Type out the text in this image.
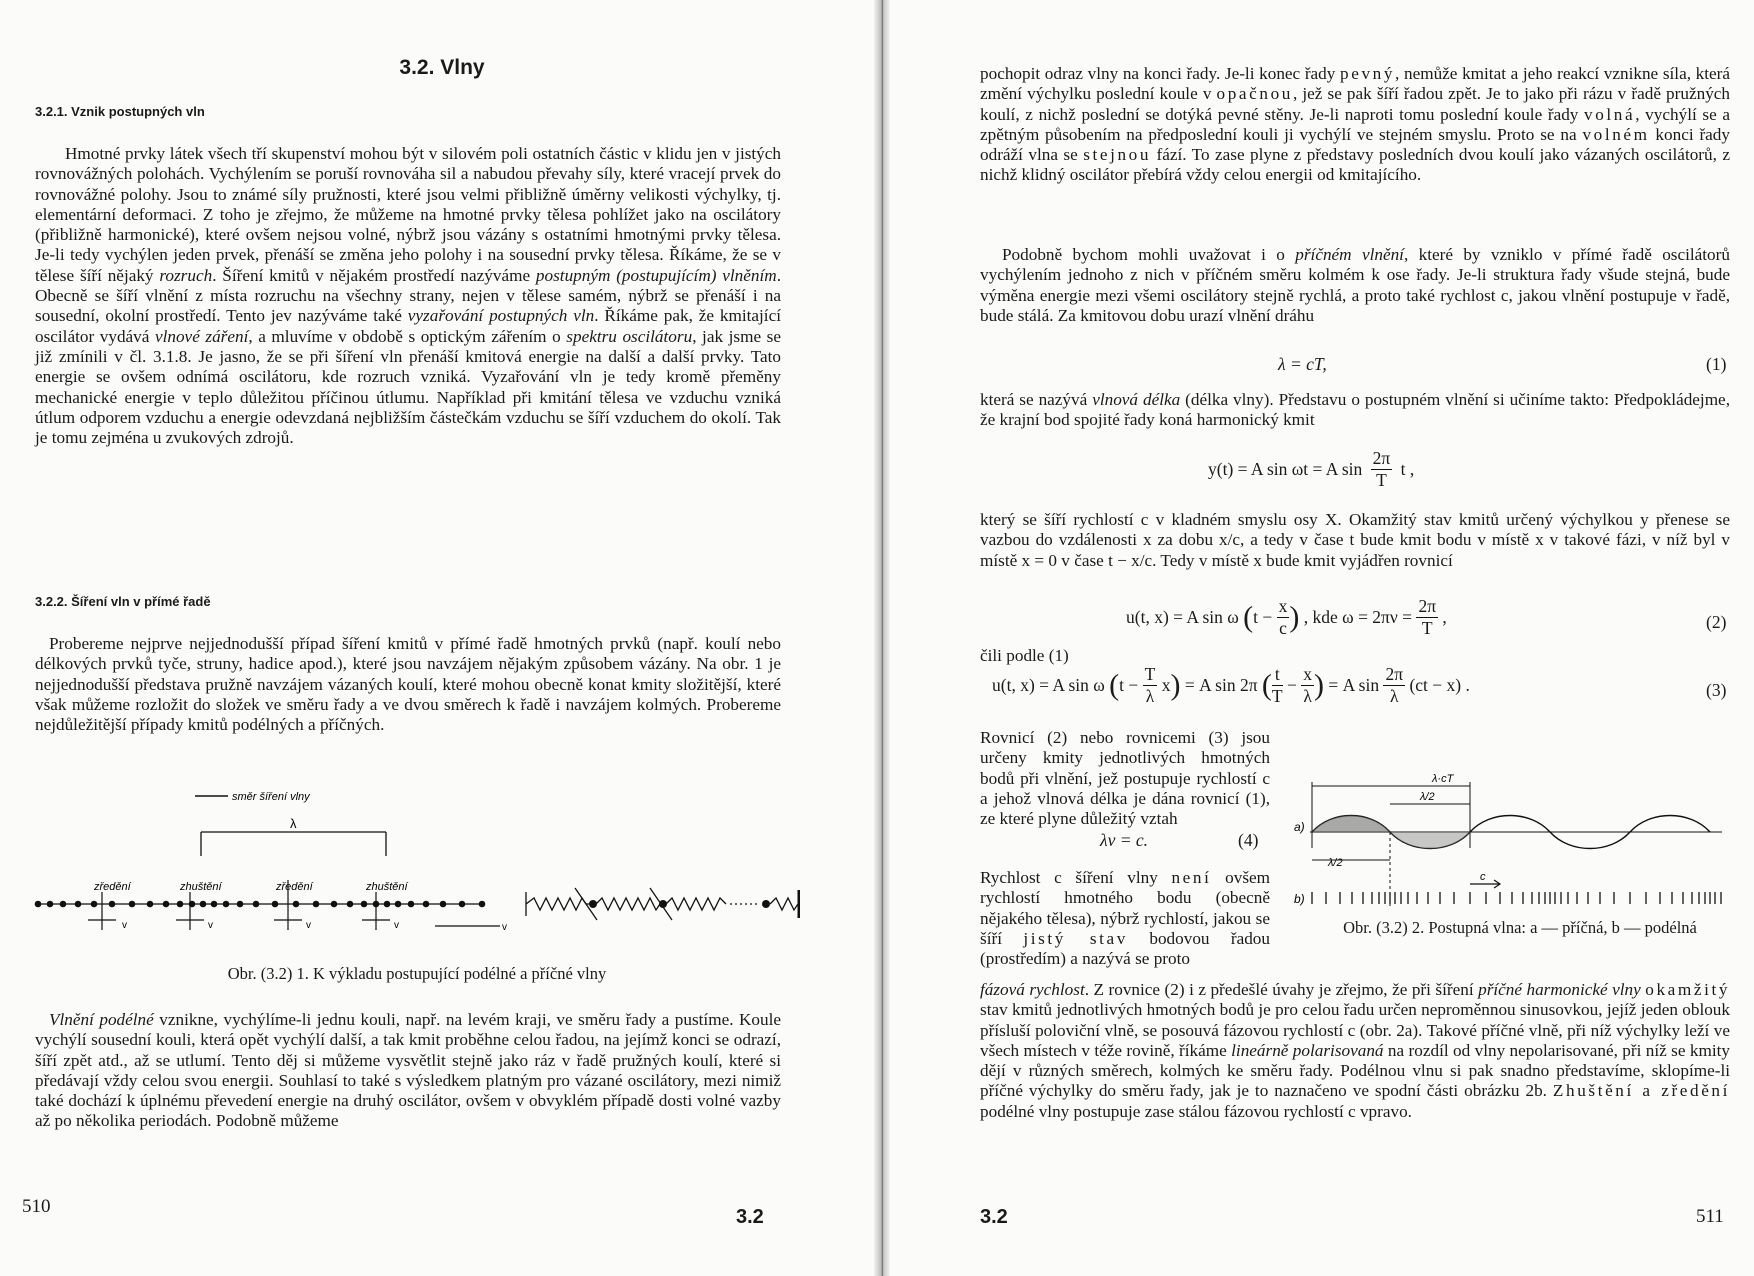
3.2. Vlny
3.2.1. Vznik postupných vln

Hmotné prvky látek všech tří skupenství mohou být v silovém poli ostatních částic v klidu jen v jistých rovnovážných polohách. Vychýlením se poruší rovnováha sil a nabudou převahy síly, které vracejí prvek do rovnovážné polohy. Jsou to známé síly pružnosti, které jsou velmi přibližně úměrny velikosti výchylky, tj. elementární deformaci. Z toho je zřejmo, že můžeme na hmotné prvky tělesa pohlížet jako na oscilátory (přibližně harmonické), které ovšem nejsou volné, nýbrž jsou vázány s ostatními hmotnými prvky tělesa. Je-li tedy vychýlen jeden prvek, přenáší se změna jeho polohy i na sousední prvky tělesa. Říkáme, že se v tělese šíří nějaký rozruch. Šíření kmitů v nějakém prostředí nazýváme postupným (postupujícím) vlněním. Obecně se šíří vlnění z místa rozruchu na všechny strany, nejen v tělese samém, nýbrž se přenáší i na sousední, okolní prostředí. Tento jev nazýváme také vyzařování postupných vln. Říkáme pak, že kmitající oscilátor vydává vlnové záření, a mluvíme v obdobě s optickým zářením o spektru oscilátoru, jak jsme se již zmínili v čl. 3.1.8. Je jasno, že se při šíření vln přenáší kmitová energie na další a další prvky. Tato energie se ovšem odnímá oscilátoru, kde rozruch vzniká. Vyzařování vln je tedy kromě přeměny mechanické energie v teplo důležitou příčinou útlumu. Například při kmitání tělesa ve vzduchu vzniká útlum odporem vzduchu a energie odevzdaná nejbližším částečkám vzduchu se šíří vzduchem do okolí. Tak je tomu zejména u zvukových zdrojů.

3.2.2. Šíření vln v přímé řadě

Probereme nejprve nejjednodušší případ šíření kmitů v přímé řadě hmotných prvků (např. koulí nebo délkových prvků tyče, struny, hadice apod.), které jsou navzájem nějakým způsobem vázány. Na obr. 1 je nejjednodušší představa pružně navzájem vázaných koulí, které mohou obecně konat kmity složitější, které však můžeme rozložit do složek ve směru řady a ve dvou směrech k řadě i navzájem kolmých. Probereme nejdůležitější případy kmitů podélných a příčných.

směr šíření vlny
λ
zředění	zhuštění	zředění	zhuštění
v	v	v	v	v
Obr. (3.2) 1. K výkladu postupující podélné a příčné vlny

Vlnění podélné vznikne, vychýlíme-li jednu kouli, např. na levém kraji, ve směru řady a pustíme. Koule vychýlí sousední kouli, která opět vychýlí další, a tak kmit proběhne celou řadou, na jejímž konci se odrazí, šíří zpět atd., až se utlumí. Tento děj si můžeme vysvětlit stejně jako ráz v řadě pružných koulí, které si předávají vždy celou svou energii. Souhlasí to také s výsledkem platným pro vázané oscilátory, mezi nimiž také dochází k úplnému převedení energie na druhý oscilátor, ovšem v obvyklém případě dosti volné vazby až po několika periodách. Podobně můžeme

510	3.2

pochopit odraz vlny na konci řady. Je-li konec řady pevný, nemůže kmitat a jeho reakcí vznikne síla, která změní výchylku poslední koule v opačnou, jež se pak šíří řadou zpět. Je to jako při rázu v řadě pružných koulí, z nichž poslední se dotýká pevné stěny. Je-li naproti tomu poslední koule řady volná, vychýlí se a zpětným působením na předposlední kouli ji vychýlí ve stejném smyslu. Proto se na volném konci řady odráží vlna se stejnou fází. To zase plyne z představy posledních dvou koulí jako vázaných oscilátorů, z nichž klidný oscilátor přebírá vždy celou energii od kmitajícího.

Podobně bychom mohli uvažovat i o příčném vlnění, které by vzniklo v přímé řadě oscilátorů vychýlením jednoho z nich v příčném směru kolmém k ose řady. Je-li struktura řady všude stejná, bude výměna energie mezi všemi oscilátory stejně rychlá, a proto také rychlost c, jakou vlnění postupuje v řadě, bude stálá. Za kmitovou dobu urazí vlnění dráhu

λ = cT,	(1)

která se nazývá vlnová délka (délka vlny). Představu o postupném vlnění si učiníme takto: Předpokládejme, že krajní bod spojité řady koná harmonický kmit

y(t) = A sin ωt = A $\sin \frac{2\pi}{T}$ t ,

který se šíří rychlostí c v kladném smyslu osy X. Okamžitý stav kmitů určený výchylkou y přenese se vazbou do vzdálenosti x za dobu x/c, a tedy v čase t bude kmit bodu v místě x v takové fázi, v níž byl v místě x = 0 v čase t − x/c. Tedy v místě x bude kmit vyjádřen rovnicí

u(t, x) = A sin ω ($t - \frac{x}{c}$ ) , kde $\omega = 2\pi\nu = \frac{2\pi}{T}$ ,	(2)

čili podle (1)

u(t, x) = A sin ω $(t - \frac{T}{\lambda} x) = A$ sin 2π ( $\frac{t}{T} - \frac{x}{\lambda}$ ) = A $\sin \frac{2\pi}{\lambda} (ct - x)$ .	(3)

Rovnicí (2) nebo rovnicemi (3) jsou určeny kmity jednotlivých hmotných bodů při vlnění, jež postupuje rychlostí c a jehož vlnová délka je dána rovnicí (1), ze které plyne důležitý vztah

λν = c.	(4)

Rychlost c šíření vlny není ovšem rychlostí hmotného bodu (obecně nějakého tělesa), nýbrž rychlostí, jakou se šíří jistý stav bodovou řadou (prostředím) a nazývá se proto

λ·cT
λ/2
a)
λ/2
c
b)
Obr. (3.2) 2. Postupná vlna: a — příčná, b — podélná

fázová rychlost. Z rovnice (2) i z předešlé úvahy je zřejmo, že při šíření příčné harmonické vlny okamžitý stav kmitů jednotlivých hmotných bodů je pro celou řadu určen neproměnnou sinusovkou, jejíž jeden oblouk přísluší poloviční vlně, se posouvá fázovou rychlostí c (obr. 2a). Takové příčné vlně, při níž výchylky leží ve všech místech v téže rovině, říkáme lineárně polarisovaná na rozdíl od vlny nepolarisované, při níž se kmity dějí v různých směrech, kolmých ke směru řady. Podélnou vlnu si pak snadno představíme, sklopíme-li příčné výchylky do směru řady, jak je to naznačeno ve spodní části obrázku 2b. Zhuštění a zředění podélné vlny postupuje zase stálou fázovou rychlostí c vpravo.

3.2	511
